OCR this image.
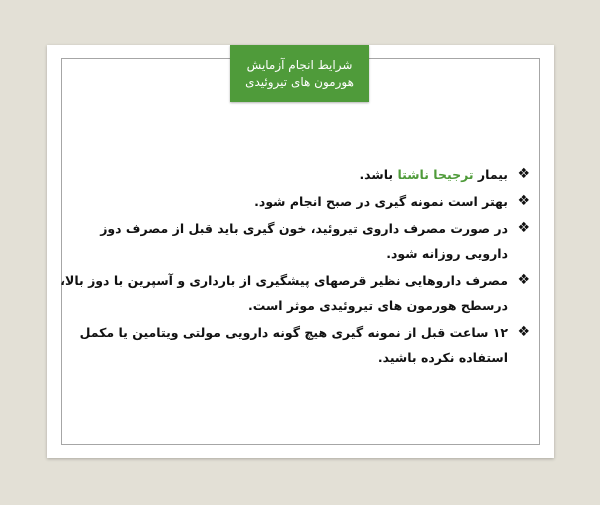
شرایط انجام آزمایش
هورمون های تیروئیدی
❖
بیمار ترجیحا ناشتا باشد.
❖
بهتر است نمونه گیری در صبح انجام شود.
❖
در صورت مصرف داروی تیروئید، خون گیری باید قبل از مصرف دوز دارویی روزانه شود.
❖
مصرف داروهایی نظیر قرصهای پیشگیری از بارداری و آسپرین با دوز بالا، درسطح هورمون های تیروئیدی موثر است.
❖
۱۲ ساعت قبل از نمونه گیری هیچ گونه دارویی مولتی ویتامین یا مکمل استفاده نکرده باشید.
